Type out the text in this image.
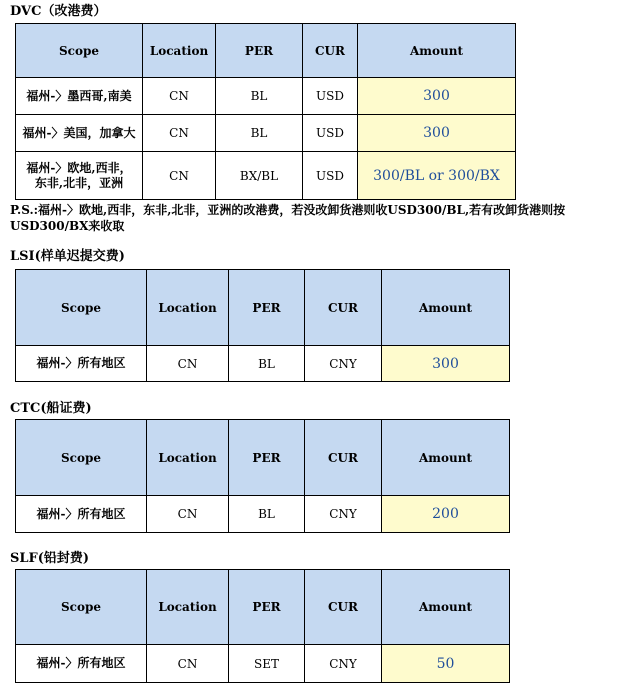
DVC（改港费）
Scope	Location	PER	CUR	Amount
福州-〉墨西哥,南美	CN	BL	USD	300
福州-〉美国，加拿大	CN	BL	USD	300
福州-〉欧地,西非，东非,北非，亚洲	CN	BX/BL	USD	300/BL or 300/BX
P.S.:福州-〉欧地,西非，东非,北非，亚洲的改港费，若没改卸货港则收USD300/BL,若有改卸货港则按USD300/BX来收取
LSI(样单迟提交费)
Scope	Location	PER	CUR	Amount
福州-〉所有地区	CN	BL	CNY	300
CTC(船证费)
Scope	Location	PER	CUR	Amount
福州-〉所有地区	CN	BL	CNY	200
SLF(铅封费)
Scope	Location	PER	CUR	Amount
福州-〉所有地区	CN	SET	CNY	50
